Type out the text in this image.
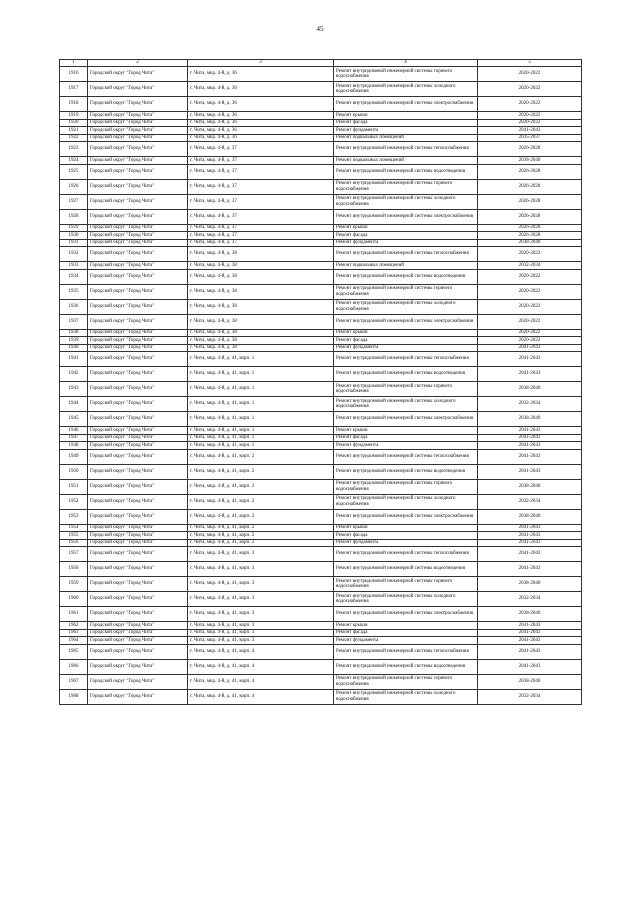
45
1	2	3	4	5
1916	Городской округ "Город Чита"	г. Чита, мкр. 4-й, д. 36	Ремонт внутридомовой инженерной системы горячего водоснабжения	2020-2022
1917	Городской округ "Город Чита"	г. Чита, мкр. 4-й, д. 36	Ремонт внутридомовой инженерной системы холодного водоснабжения	2020-2022
1918	Городской округ "Город Чита"	г. Чита, мкр. 4-й, д. 36	Ремонт внутридомовой инженерной системы электроснабжения	2020-2022
1919	Городской округ "Город Чита"	г. Чита, мкр. 4-й, д. 36	Ремонт крыши	2020-2022
1920	Городской округ "Город Чита"	г. Чита, мкр. 4-й, д. 36	Ремонт фасада	2020-2022
1921	Городской округ "Город Чита"	г. Чита, мкр. 4-й, д. 36	Ремонт фундамента	2041-2043
1922	Городской округ "Город Чита"	г. Чита, мкр. 4-й, д. 36	Ремонт подвальных помещений	2035-2037
1923	Городской округ "Город Чита"	г. Чита, мкр. 4-й, д. 37	Ремонт внутридомовой инженерной системы теплоснабжения	2026-2028
1924	Городской округ "Город Чита"	г. Чита, мкр. 4-й, д. 37	Ремонт подвальных помещений	2038-2040
1925	Городской округ "Город Чита"	г. Чита, мкр. 4-й, д. 37	Ремонт внутридомовой инженерной системы водоотведения	2026-2028
1926	Городской округ "Город Чита"	г. Чита, мкр. 4-й, д. 37	Ремонт внутридомовой инженерной системы горячего водоснабжения	2026-2028
1927	Городской округ "Город Чита"	г. Чита, мкр. 4-й, д. 37	Ремонт внутридомовой инженерной системы холодного водоснабжения	2026-2028
1928	Городской округ "Город Чита"	г. Чита, мкр. 4-й, д. 37	Ремонт внутридомовой инженерной системы электроснабжения	2026-2028
1929	Городской округ "Город Чита"	г. Чита, мкр. 4-й, д. 37	Ремонт крыши	2026-2028
1930	Городской округ "Город Чита"	г. Чита, мкр. 4-й, д. 37	Ремонт фасада	2026-2028
1931	Городской округ "Город Чита"	г. Чита, мкр. 4-й, д. 37	Ремонт фундамента	2038-2040
1932	Городской округ "Город Чита"	г. Чита, мкр. 4-й, д. 38	Ремонт внутридомовой инженерной системы теплоснабжения	2020-2022
1933	Городской округ "Город Чита"	г. Чита, мкр. 4-й, д. 38	Ремонт подвальных помещений	2032-2034
1934	Городской округ "Город Чита"	г. Чита, мкр. 4-й, д. 38	Ремонт внутридомовой инженерной системы водоотведения	2020-2022
1935	Городской округ "Город Чита"	г. Чита, мкр. 4-й, д. 38	Ремонт внутридомовой инженерной системы горячего водоснабжения	2020-2022
1936	Городской округ "Город Чита"	г. Чита, мкр. 4-й, д. 38	Ремонт внутридомовой инженерной системы холодного водоснабжения	2020-2022
1937	Городской округ "Город Чита"	г. Чита, мкр. 4-й, д. 38	Ремонт внутридомовой инженерной системы электроснабжения	2020-2022
1938	Городской округ "Город Чита"	г. Чита, мкр. 4-й, д. 38	Ремонт крыши	2020-2022
1939	Городской округ "Город Чита"	г. Чита, мкр. 4-й, д. 38	Ремонт фасада	2020-2022
1940	Городской округ "Город Чита"	г. Чита, мкр. 4-й, д. 38	Ремонт фундамента	2041-2043
1941	Городской округ "Город Чита"	г. Чита, мкр. 4-й, д. 41, корп. 1	Ремонт внутридомовой инженерной системы теплоснабжения	2041-2043
1942	Городской округ "Город Чита"	г. Чита, мкр. 4-й, д. 41, корп. 1	Ремонт внутридомовой инженерной системы водоотведения	2041-2043
1943	Городской округ "Город Чита"	г. Чита, мкр. 4-й, д. 41, корп. 1	Ремонт внутридомовой инженерной системы горячего водоснабжения	2038-2040
1944	Городской округ "Город Чита"	г. Чита, мкр. 4-й, д. 41, корп. 1	Ремонт внутридомовой инженерной системы холодного водоснабжения	2032-2034
1945	Городской округ "Город Чита"	г. Чита, мкр. 4-й, д. 41, корп. 1	Ремонт внутридомовой инженерной системы электроснабжения	2038-2040
1946	Городской округ "Город Чита"	г. Чита, мкр. 4-й, д. 41, корп. 1	Ремонт крыши	2041-2043
1947	Городской округ "Город Чита"	г. Чита, мкр. 4-й, д. 41, корп. 1	Ремонт фасада	2041-2043
1948	Городской округ "Город Чита"	г. Чита, мкр. 4-й, д. 41, корп. 1	Ремонт фундамента	2041-2043
1949	Городской округ "Город Чита"	г. Чита, мкр. 4-й, д. 41, корп. 2	Ремонт внутридомовой инженерной системы теплоснабжения	2041-2043
1950	Городской округ "Город Чита"	г. Чита, мкр. 4-й, д. 41, корп. 2	Ремонт внутридомовой инженерной системы водоотведения	2041-2043
1951	Городской округ "Город Чита"	г. Чита, мкр. 4-й, д. 41, корп. 2	Ремонт внутридомовой инженерной системы горячего водоснабжения	2038-2040
1952	Городской округ "Город Чита"	г. Чита, мкр. 4-й, д. 41, корп. 2	Ремонт внутридомовой инженерной системы холодного водоснабжения	2032-2034
1953	Городской округ "Город Чита"	г. Чита, мкр. 4-й, д. 41, корп. 2	Ремонт внутридомовой инженерной системы электроснабжения	2038-2040
1954	Городской округ "Город Чита"	г. Чита, мкр. 4-й, д. 41, корп. 2	Ремонт крыши	2041-2043
1955	Городской округ "Город Чита"	г. Чита, мкр. 4-й, д. 41, корп. 2	Ремонт фасада	2041-2043
1956	Городской округ "Город Чита"	г. Чита, мкр. 4-й, д. 41, корп. 2	Ремонт фундамента	2041-2043
1957	Городской округ "Город Чита"	г. Чита, мкр. 4-й, д. 41, корп. 3	Ремонт внутридомовой инженерной системы теплоснабжения	2041-2043
1958	Городской округ "Город Чита"	г. Чита, мкр. 4-й, д. 41, корп. 3	Ремонт внутридомовой инженерной системы водоотведения	2041-2043
1959	Городской округ "Город Чита"	г. Чита, мкр. 4-й, д. 41, корп. 3	Ремонт внутридомовой инженерной системы горячего водоснабжения	2038-2040
1960	Городской округ "Город Чита"	г. Чита, мкр. 4-й, д. 41, корп. 3	Ремонт внутридомовой инженерной системы холодного водоснабжения	2032-2034
1961	Городской округ "Город Чита"	г. Чита, мкр. 4-й, д. 41, корп. 3	Ремонт внутридомовой инженерной системы электроснабжения	2038-2040
1962	Городской округ "Город Чита"	г. Чита, мкр. 4-й, д. 41, корп. 3	Ремонт крыши	2041-2043
1963	Городской округ "Город Чита"	г. Чита, мкр. 4-й, д. 41, корп. 3	Ремонт фасада	2041-2043
1964	Городской округ "Город Чита"	г. Чита, мкр. 4-й, д. 41, корп. 3	Ремонт фундамента	2041-2043
1965	Городской округ "Город Чита"	г. Чита, мкр. 4-й, д. 41, корп. 4	Ремонт внутридомовой инженерной системы теплоснабжения	2041-2043
1966	Городской округ "Город Чита"	г. Чита, мкр. 4-й, д. 41, корп. 4	Ремонт внутридомовой инженерной системы водоотведения	2041-2043
1967	Городской округ "Город Чита"	г. Чита, мкр. 4-й, д. 41, корп. 4	Ремонт внутридомовой инженерной системы горячего водоснабжения	2038-2040
1968	Городской округ "Город Чита"	г. Чита, мкр. 4-й, д. 41, корп. 4	Ремонт внутридомовой инженерной системы холодного водоснабжения	2032-2034
